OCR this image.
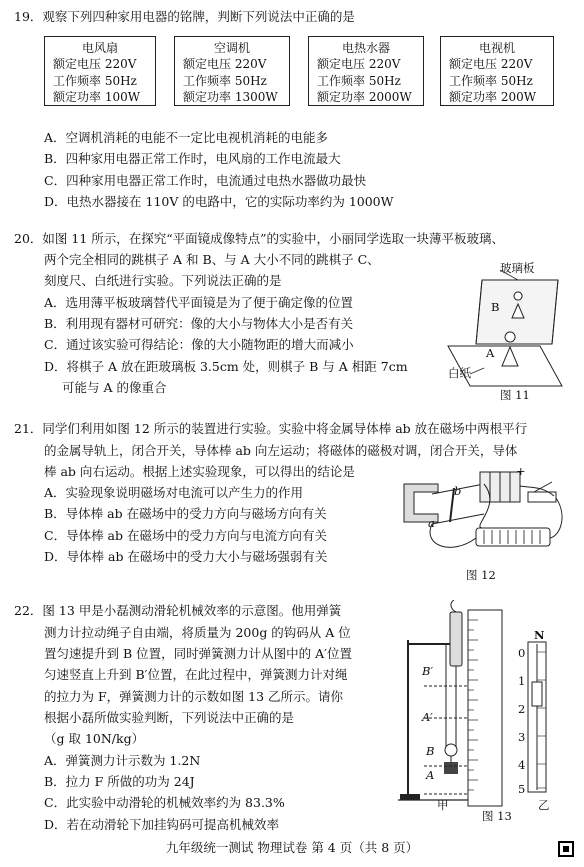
19．观察下列四种家用电器的铭牌，判断下列说法中正确的是
电风扇
额定电压 220V
工作频率 50Hz
额定功率 100W
空调机
额定电压 220V
工作频率 50Hz
额定功率 1300W
电热水器
额定电压 220V
工作频率 50Hz
额定功率 2000W
电视机
额定电压 220V
工作频率 50Hz
额定功率 200W
A．空调机消耗的电能不一定比电视机消耗的电能多
B．四种家用电器正常工作时，电风扇的工作电流最大
C．四种家用电器正常工作时，电流通过电热水器做功最快
D．电热水器接在 110V 的电路中，它的实际功率约为 1000W
20．如图 11 所示，在探究“平面镜成像特点”的实验中，小丽同学选取一块薄平板玻璃、
两个完全相同的跳棋子 A 和 B、与 A 大小不同的跳棋子 C、
刻度尺、白纸进行实验。下列说法正确的是
A．选用薄平板玻璃替代平面镜是为了便于确定像的位置
B．利用现有器材可研究：像的大小与物体大小是否有关
C．通过该实验可得结论：像的大小随物距的增大而减小
D．将棋子 A 放在距玻璃板 3.5cm 处，则棋子 B 与 A 相距 7cm
可能与 A 的像重合
玻璃板
B
A
白纸
图 11
21．同学们利用如图 12 所示的装置进行实验。实验中将金属导体棒 ab 放在磁场中两根平行
的金属导轨上，闭合开关，导体棒 ab 向左运动；将磁体的磁极对调，闭合开关，导体
棒 ab 向右运动。根据上述实验现象，可以得出的结论是
A．实验现象说明磁场对电流可以产生力的作用
B．导体棒 ab 在磁场中的受力方向与磁场方向有关
C．导体棒 ab 在磁场中的受力方向与电流方向有关
D．导体棒 ab 在磁场中的受力大小与磁场强弱有关
a
b
－ +
图 12
22．图 13 甲是小磊测动滑轮机械效率的示意图。他用弹簧
测力计拉动绳子自由端，将质量为 200g 的钩码从 A 位
置匀速提升到 B 位置，同时弹簧测力计从图中的 A′位置
匀速竖直上升到 B′位置，在此过程中，弹簧测力计对绳
的拉力为 F，弹簧测力计的示数如图 13 乙所示。请你
根据小磊所做实验判断，下列说法中正确的是
（g 取 10N/kg）
A．弹簧测力计示数为 1.2N
B．拉力 F 所做的功为 24J
C．此实验中动滑轮的机械效率约为 83.3%
D．若在动滑轮下加挂钩码可提高机械效率
B′
A′
B
A
N
0
1
2
3
4
5
甲	乙
图 13
九年级统一测试 物理试卷 第 4 页（共 8 页）
